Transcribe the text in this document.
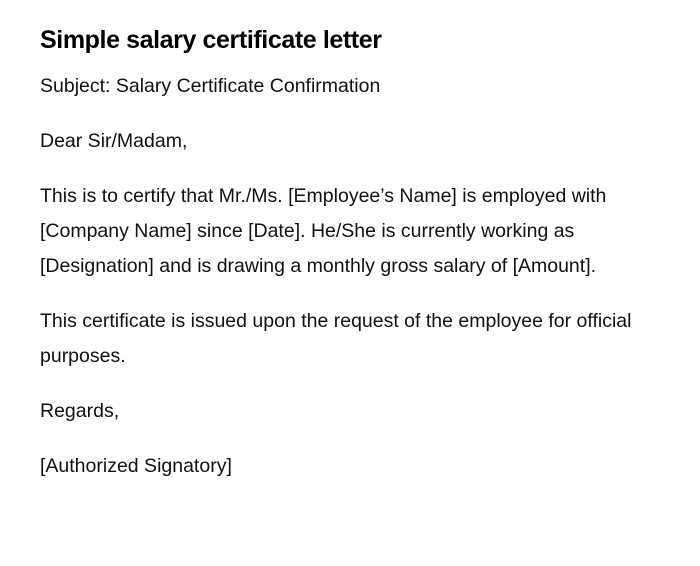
Simple salary certificate letter

Subject: Salary Certificate Confirmation

Dear Sir/Madam,

This is to certify that Mr./Ms. [Employee’s Name] is employed with [Company Name] since [Date]. He/She is currently working as [Designation] and is drawing a monthly gross salary of [Amount].

This certificate is issued upon the request of the employee for official purposes.

Regards,

[Authorized Signatory]
